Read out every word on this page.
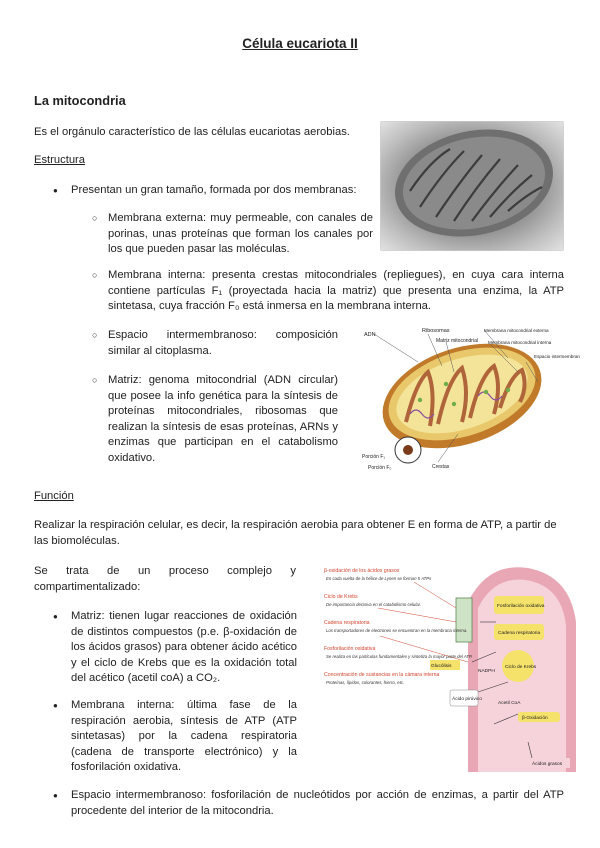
Célula eucariota II
La mitocondria

Es el orgánulo característico de las células eucariotas aerobias.

Estructura

● Presentan un gran tamaño, formada por dos membranas:

○ Membrana externa: muy permeable, con canales de porinas, unas proteínas que forman los canales por los que pueden pasar las moléculas.

○ Membrana interna: presenta crestas mitocondriales (repliegues), en cuya cara interna contiene partículas F₁ (proyectada hacia la matriz) que presenta una enzima, la ATP sintetasa, cuya fracción F₀ está inmersa en la membrana interna.

○ Espacio intermembranoso: composición similar al citoplasma.

○ Matriz: genoma mitocondrial (ADN circular) que posee la info genética para la síntesis de proteínas mitocondriales, ribosomas que realizan la síntesis de esas proteínas, ARNs y enzimas que participan en el catabolismo oxidativo.

ADN
Ribosomas
Matriz mitocondrial
Membrana mitocondrial externa
Membrana mitocondrial interna
Espacio intermembrana
Crestas
Porción F₁
Porción F₀

Función

Realizar la respiración celular, es decir, la respiración aerobia para obtener E en forma de ATP, a partir de las biomoléculas.

Se trata de un proceso complejo y compartimentalizado:

● Matriz: tienen lugar reacciones de oxidación de distintos compuestos (p.e. β-oxidación de los ácidos grasos) para obtener ácido acético y el ciclo de Krebs que es la oxidación total del acético (acetil coA) a CO₂.

● Membrana interna: última fase de la respiración aerobia, síntesis de ATP (ATP sintetasas) por la cadena respiratoria (cadena de transporte electrónico) y la fosforilación oxidativa.

● Espacio intermembranoso: fosforilación de nucleótidos por acción de enzimas, a partir del ATP procedente del interior de la mitocondria.

β-oxidación de los ácidos grasos
En cada vuelta de la hélice de Lynen se forman 5 ATPs
Ciclo de Krebs
De importancia decisiva en el catabolismo celular.
Cadena respiratoria
Los transportadores de electrones se encuentran en la membrana interna.
Fosforilación oxidativa
Se realiza en las partículas fundamentales y sintetiza la mayor parte del ATP.
Concentración de sustancias en la cámara interna
Proteínas, lípidos, colorantes, hierro, etc.
Fosforilación oxidativa
Cadena respiratoria
Glucólisis	Ciclo de Krebs
NADPH
Ácido pirúvico
Acetil CoA
β-Oxidación
Ácidos grasos
